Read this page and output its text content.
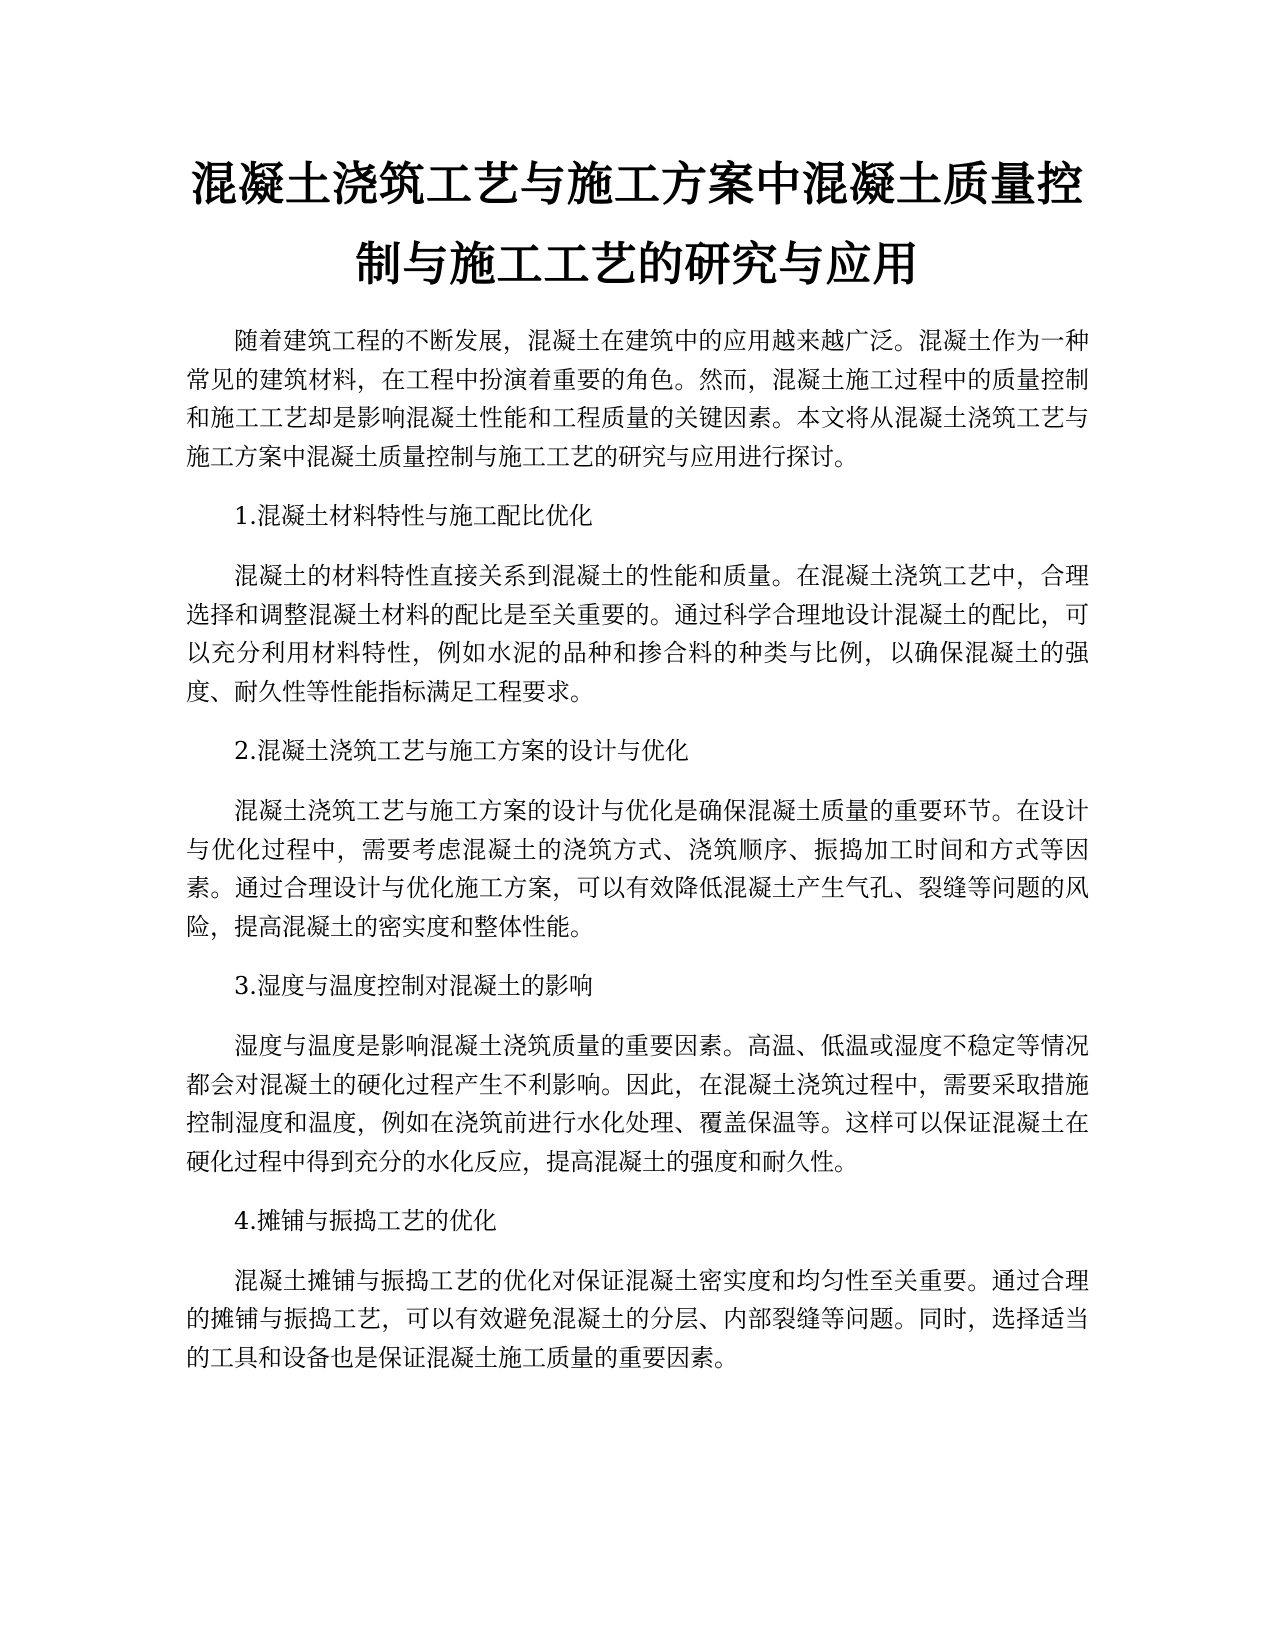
混凝土浇筑工艺与施工方案中混凝土质量控
制与施工工艺的研究与应用

随着建筑工程的不断发展，混凝土在建筑中的应用越来越广泛。混凝土作为一种常见的建筑材料，在工程中扮演着重要的角色。然而，混凝土施工过程中的质量控制和施工工艺却是影响混凝土性能和工程质量的关键因素。本文将从混凝土浇筑工艺与施工方案中混凝土质量控制与施工工艺的研究与应用进行探讨。

1.混凝土材料特性与施工配比优化

混凝土的材料特性直接关系到混凝土的性能和质量。在混凝土浇筑工艺中，合理选择和调整混凝土材料的配比是至关重要的。通过科学合理地设计混凝土的配比，可以充分利用材料特性，例如水泥的品种和掺合料的种类与比例，以确保混凝土的强度、耐久性等性能指标满足工程要求。

2.混凝土浇筑工艺与施工方案的设计与优化

混凝土浇筑工艺与施工方案的设计与优化是确保混凝土质量的重要环节。在设计与优化过程中，需要考虑混凝土的浇筑方式、浇筑顺序、振捣加工时间和方式等因素。通过合理设计与优化施工方案，可以有效降低混凝土产生气孔、裂缝等问题的风险，提高混凝土的密实度和整体性能。

3.湿度与温度控制对混凝土的影响

湿度与温度是影响混凝土浇筑质量的重要因素。高温、低温或湿度不稳定等情况都会对混凝土的硬化过程产生不利影响。因此，在混凝土浇筑过程中，需要采取措施控制湿度和温度，例如在浇筑前进行水化处理、覆盖保温等。这样可以保证混凝土在硬化过程中得到充分的水化反应，提高混凝土的强度和耐久性。

4.摊铺与振捣工艺的优化

混凝土摊铺与振捣工艺的优化对保证混凝土密实度和均匀性至关重要。通过合理的摊铺与振捣工艺，可以有效避免混凝土的分层、内部裂缝等问题。同时，选择适当的工具和设备也是保证混凝土施工质量的重要因素。
